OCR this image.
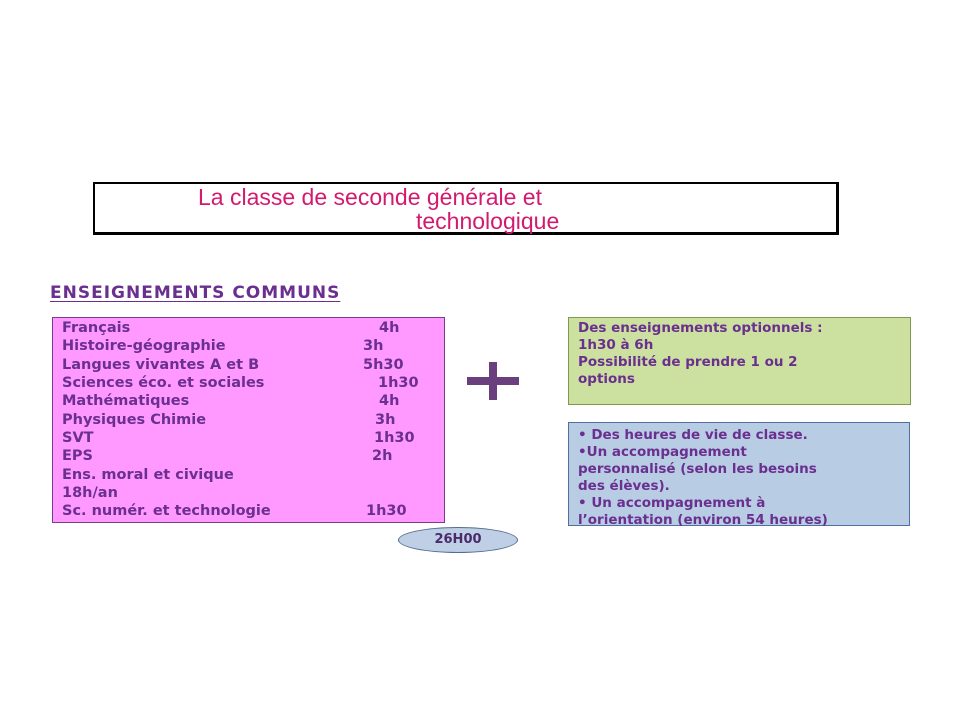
La classe de seconde générale et
technologique
ENSEIGNEMENTS COMMUNS
Français	4h
Histoire-géographie	3h
Langues vivantes A et B	5h30
Sciences éco. et sociales	1h30
Mathématiques	4h
Physiques Chimie	3h
SVT	1h30
EPS	2h
Ens. moral et civique
18h/an
Sc. numér. et technologie	1h30
26H00
Des enseignements optionnels :
1h30 à 6h
Possibilité de prendre 1 ou 2
options
• Des heures de vie de classe.
•Un accompagnement
personnalisé (selon les besoins
des élèves).
• Un accompagnement à
l’orientation (environ 54 heures)
